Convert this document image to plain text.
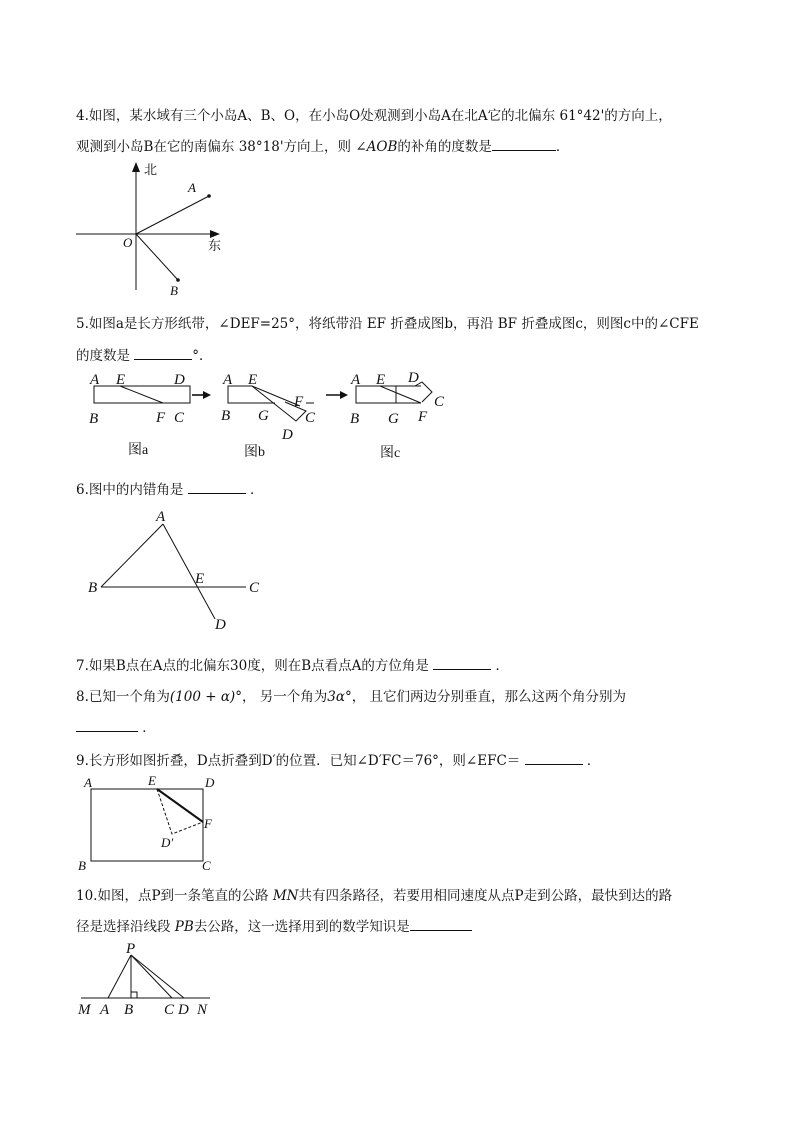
4.如图，某水域有三个小岛A、B、O，在小岛O处观测到小岛A在北A它的北偏东 61°42'的方向上，
观测到小岛B在它的南偏东 38°18'方向上，则 ∠AOB的补角的度数是	．
北
东
O
A
B
5.如图a是长方形纸带，∠DEF=25°，将纸带沿 EF 折叠成图b，再沿 BF 折叠成图c，则图c中的∠CFE
的度数是	°．
A E	D
B	F C
图a
A E
B G
F
C
D
图b
A E D
C
B G F
图c
6.图中的内错角是	．
A
B
E
C
D
7.如果B点在A点的北偏东30度，则在B点看点A的方位角是	．
8.已知一个角为(100 + α)°， 另一个角为3α°， 且它们两边分别垂直，那么这两个角分别为
．
9.长方形如图折叠，D点折叠到D′的位置．已知∠D′FC＝76°，则∠EFC＝	．
A	E	D
F
D′
B	C
10.如图，点P到一条笔直的公路 MN共有四条路径，若要用相同速度从点P走到公路，最快到达的路
径是选择沿线段 PB去公路，这一选择用到的数学知识是
P
M A B C D N
